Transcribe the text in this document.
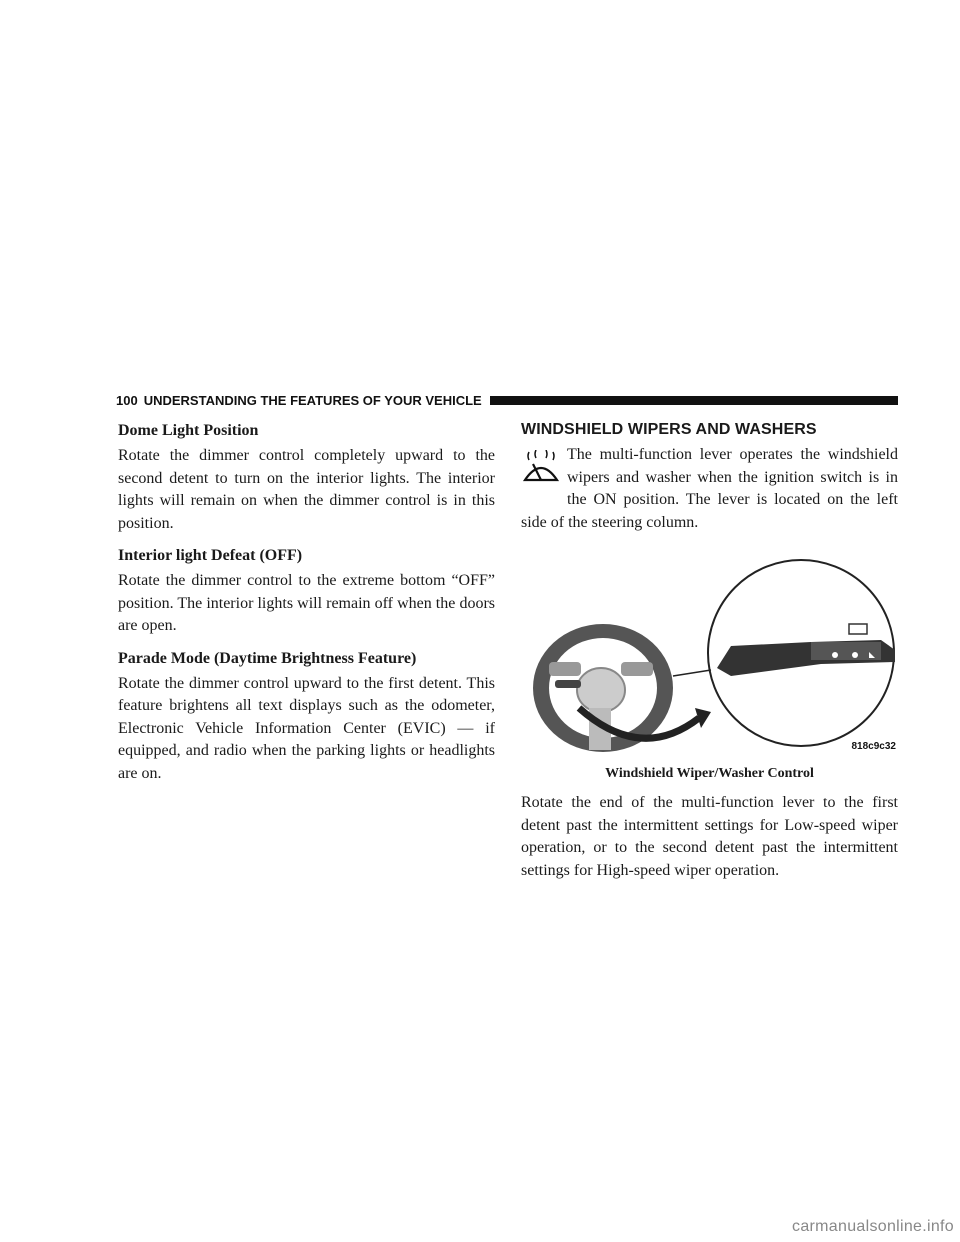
100 UNDERSTANDING THE FEATURES OF YOUR VEHICLE
Dome Light Position

Rotate the dimmer control completely upward to the second detent to turn on the interior lights. The interior lights will remain on when the dimmer control is in this position.

Interior light Defeat (OFF)

Rotate the dimmer control to the extreme bottom “OFF” position. The interior lights will remain off when the doors are open.

Parade Mode (Daytime Brightness Feature)

Rotate the dimmer control upward to the first detent. This feature brightens all text displays such as the odometer, Electronic Vehicle Information Center (EVIC) — if equipped, and radio when the parking lights or headlights are on.

WINDSHIELD WIPERS AND WASHERS
The multi-function lever operates the windshield wipers and washer when the ignition switch is in the ON position. The lever is located on the left side of the steering column.
818c9c32
Windshield Wiper/Washer Control

Rotate the end of the multi-function lever to the first detent past the intermittent settings for Low-speed wiper operation, or to the second detent past the intermittent settings for High-speed wiper operation.

carmanualsonline.info
